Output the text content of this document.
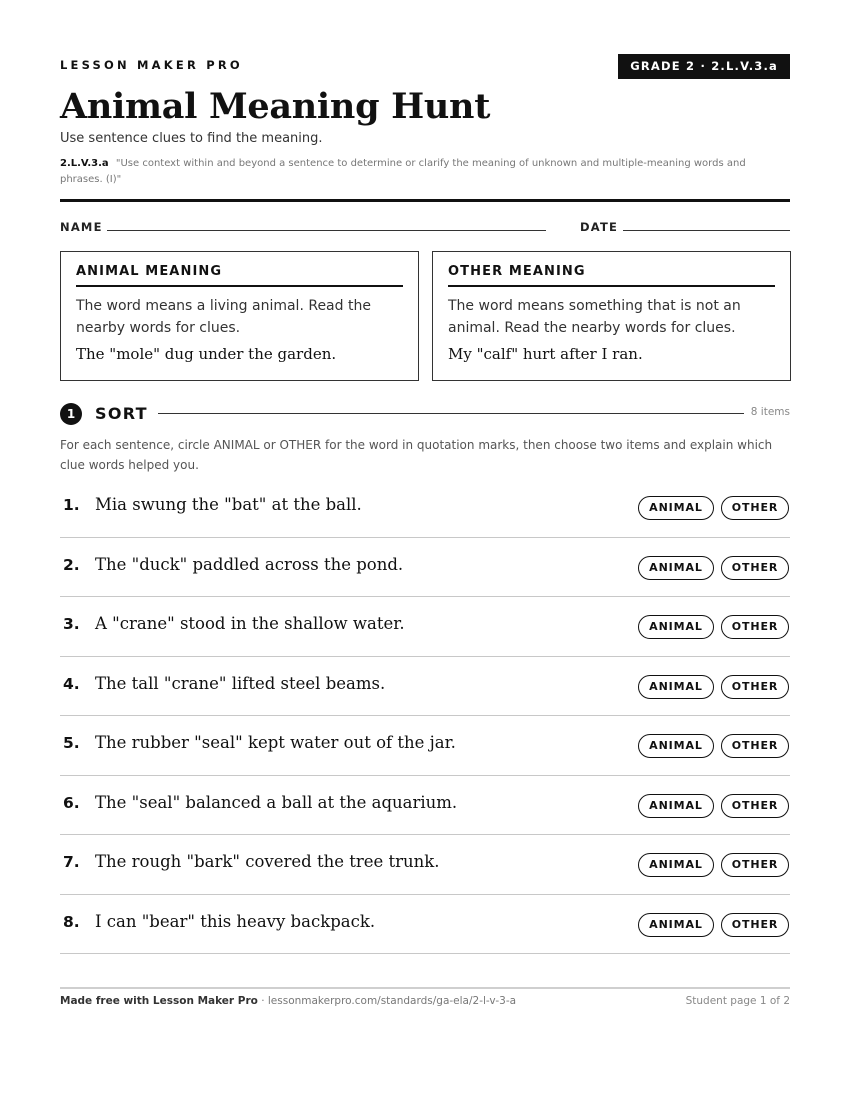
LESSON MAKER PRO	GRADE 2 · 2.L.V.3.a
Animal Meaning Hunt
Use sentence clues to find the meaning.
2.L.V.3.a "Use context within and beyond a sentence to determine or clarify the meaning of unknown and multiple-meaning words and phrases. (I)"
NAME	DATE
ANIMAL MEANING
The word means a living animal. Read the nearby words for clues.
The "mole" dug under the garden.
OTHER MEANING
The word means something that is not an animal. Read the nearby words for clues.
My "calf" hurt after I ran.
1	SORT	8 items
For each sentence, circle ANIMAL or OTHER for the word in quotation marks, then choose two items and explain which clue words helped you.
1. Mia swung the "bat" at the ball.	ANIMAL	OTHER
2. The "duck" paddled across the pond.	ANIMAL	OTHER
3. A "crane" stood in the shallow water.	ANIMAL	OTHER
4. The tall "crane" lifted steel beams.	ANIMAL	OTHER
5. The rubber "seal" kept water out of the jar.	ANIMAL	OTHER
6. The "seal" balanced a ball at the aquarium.	ANIMAL	OTHER
7. The rough "bark" covered the tree trunk.	ANIMAL	OTHER
8. I can "bear" this heavy backpack.	ANIMAL	OTHER
Made free with Lesson Maker Pro · lessonmakerpro.com/standards/ga-ela/2-l-v-3-a	Student page 1 of 2
